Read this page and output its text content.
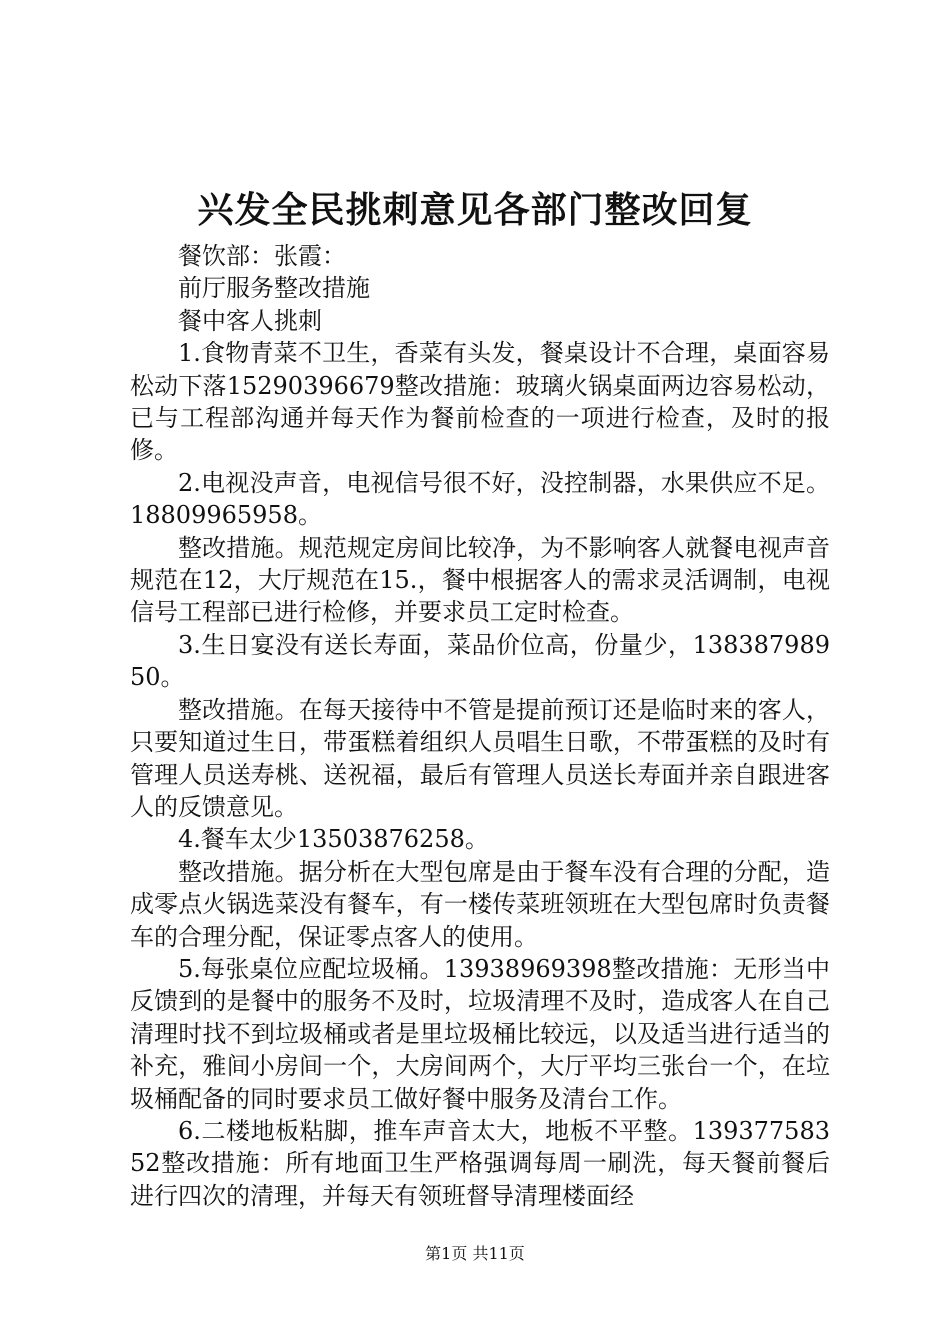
兴发全民挑刺意见各部门整改回复

餐饮部：张霞：

前厅服务整改措施

餐中客人挑刺

1.食物青菜不卫生，香菜有头发，餐桌设计不合理，桌面容易松动下落15290396679整改措施：玻璃火锅桌面两边容易松动，已与工程部沟通并每天作为餐前检查的一项进行检查，及时的报修。

2.电视没声音，电视信号很不好，没控制器，水果供应不足。18809965958。

整改措施。规范规定房间比较净，为不影响客人就餐电视声音规范在12，大厅规范在15.，餐中根据客人的需求灵活调制，电视信号工程部已进行检修，并要求员工定时检查。

3.生日宴没有送长寿面，菜品价位高，份量少，13838798950。

整改措施。在每天接待中不管是提前预订还是临时来的客人，只要知道过生日，带蛋糕着组织人员唱生日歌，不带蛋糕的及时有管理人员送寿桃、送祝福，最后有管理人员送长寿面并亲自跟进客人的反馈意见。

4.餐车太少13503876258。

整改措施。据分析在大型包席是由于餐车没有合理的分配，造成零点火锅选菜没有餐车，有一楼传菜班领班在大型包席时负责餐车的合理分配，保证零点客人的使用。

5.每张桌位应配垃圾桶。13938969398整改措施：无形当中反馈到的是餐中的服务不及时，垃圾清理不及时，造成客人在自己清理时找不到垃圾桶或者是里垃圾桶比较远，以及适当进行适当的补充，雅间小房间一个，大房间两个，大厅平均三张台一个，在垃圾桶配备的同时要求员工做好餐中服务及清台工作。

6.二楼地板粘脚，推车声音太大，地板不平整。13937758352整改措施：所有地面卫生严格强调每周一刷洗，每天餐前餐后进行四次的清理，并每天有领班督导清理楼面经

第1页 共11页
